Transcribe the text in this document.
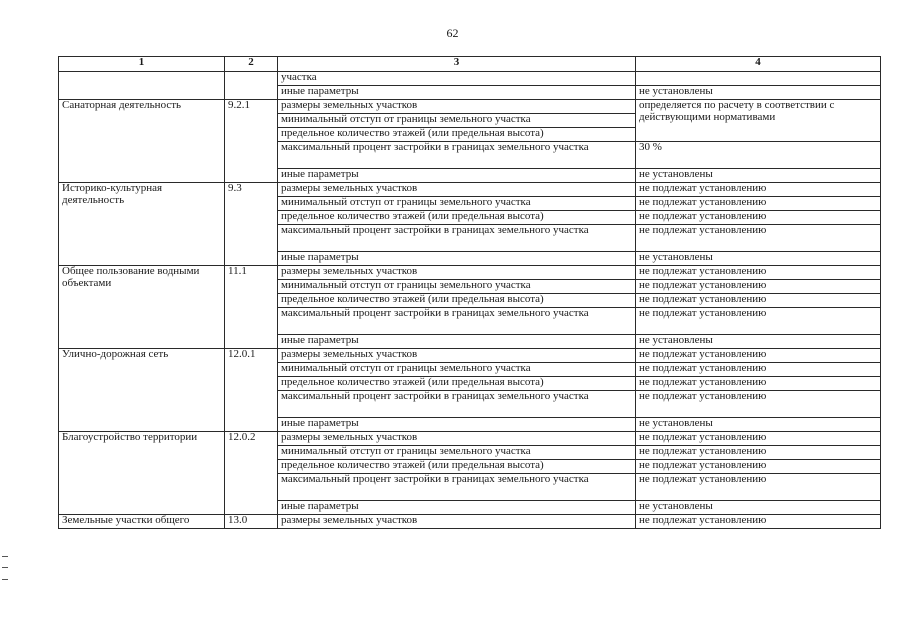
62
1	2	3	4
		участка	
		иные параметры	не установлены
Санаторная деятельность	9.2.1	размеры земельных участков	определяется по расчету в соответствии с действующими нормативами
		минимальный отступ от границы земельного участка	
		предельное количество этажей (или предельная высота)	
		максимальный процент застройки в границах земельного участка	30 %
		иные параметры	не установлены
Историко-культурная деятельность	9.3	размеры земельных участков	не подлежат установлению
		минимальный отступ от границы земельного участка	не подлежат установлению
		предельное количество этажей (или предельная высота)	не подлежат установлению
		максимальный процент застройки в границах земельного участка	не подлежат установлению
		иные параметры	не установлены
Общее пользование водными объектами	11.1	размеры земельных участков	не подлежат установлению
		минимальный отступ от границы земельного участка	не подлежат установлению
		предельное количество этажей (или предельная высота)	не подлежат установлению
		максимальный процент застройки в границах земельного участка	не подлежат установлению
		иные параметры	не установлены
Улично-дорожная сеть	12.0.1	размеры земельных участков	не подлежат установлению
		минимальный отступ от границы земельного участка	не подлежат установлению
		предельное количество этажей (или предельная высота)	не подлежат установлению
		максимальный процент застройки в границах земельного участка	не подлежат установлению
		иные параметры	не установлены
Благоустройство территории	12.0.2	размеры земельных участков	не подлежат установлению
		минимальный отступ от границы земельного участка	не подлежат установлению
		предельное количество этажей (или предельная высота)	не подлежат установлению
		максимальный процент застройки в границах земельного участка	не подлежат установлению
		иные параметры	не установлены
Земельные участки общего	13.0	размеры земельных участков	не подлежат установлению
